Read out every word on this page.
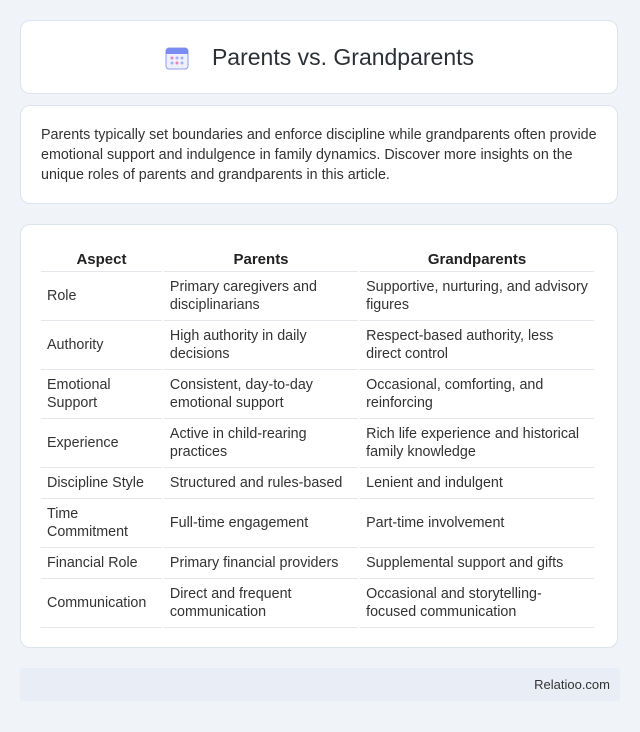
Parents vs. Grandparents

Parents typically set boundaries and enforce discipline while grandparents often provide emotional support and indulgence in family dynamics. Discover more insights on the unique roles of parents and grandparents in this article.

Aspect	Parents	Grandparents
Role	Primary caregivers and disciplinarians	Supportive, nurturing, and advisory figures
Authority	High authority in daily decisions	Respect-based authority, less direct control
Emotional Support	Consistent, day-to-day emotional support	Occasional, comforting, and reinforcing
Experience	Active in child-rearing practices	Rich life experience and historical family knowledge
Discipline Style	Structured and rules-based	Lenient and indulgent
Time Commitment	Full-time engagement	Part-time involvement
Financial Role	Primary financial providers	Supplemental support and gifts
Communication	Direct and frequent communication	Occasional and storytelling-focused communication
Relatioo.com
